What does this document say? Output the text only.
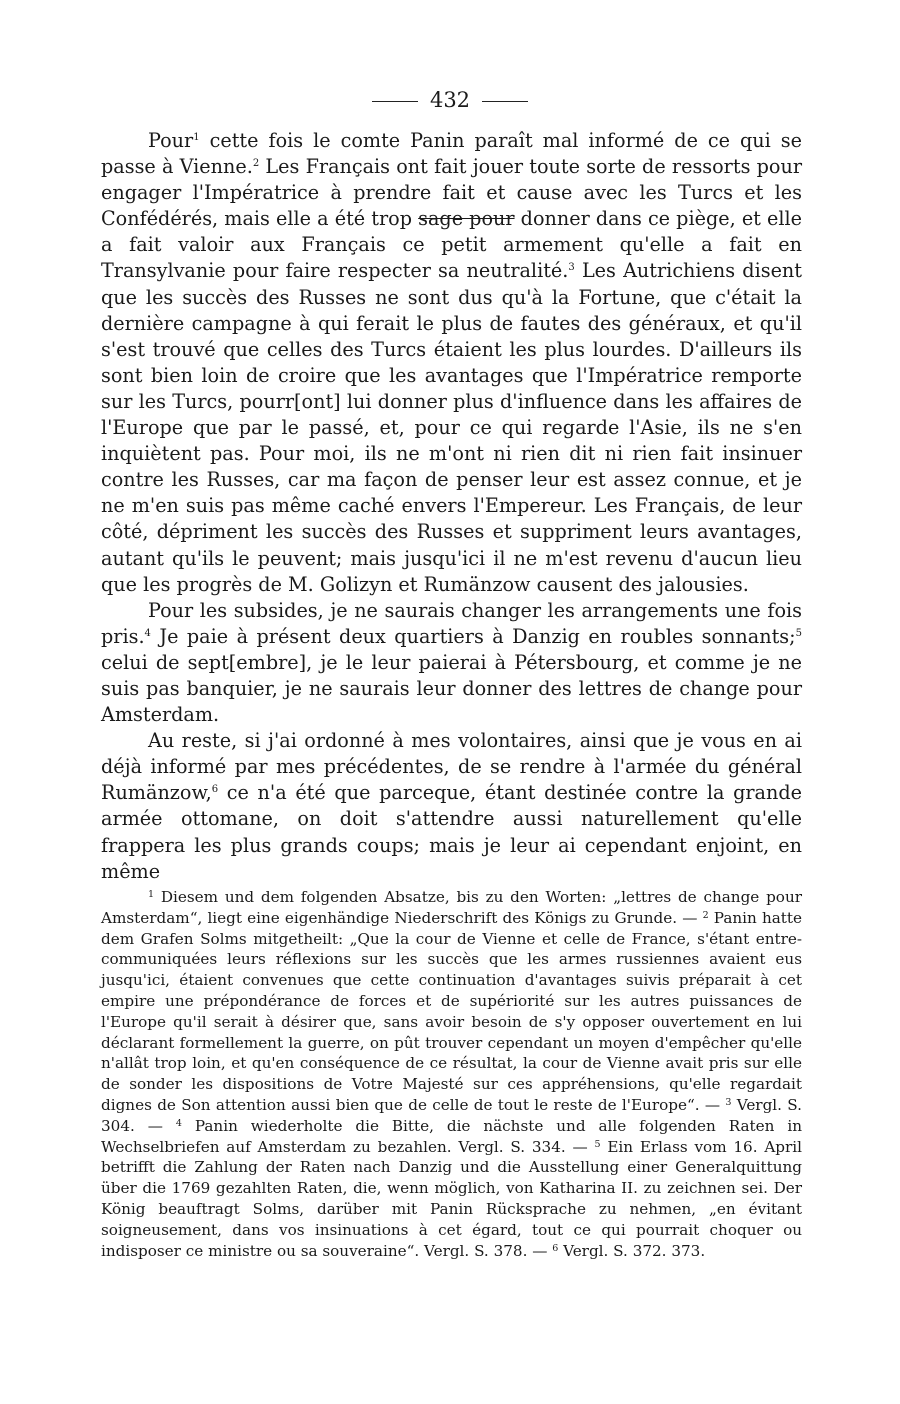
432

Pour$^1$ cette fois le comte Panin paraît mal informé de ce qui se passe à Vienne.$^2$ Les Français ont fait jouer toute sorte de ressorts pour engager l'Impératrice à prendre fait et cause avec les Turcs et les Confédérés, mais elle a été trop sage pour donner dans ce piège, et elle a fait valoir aux Français ce petit armement qu'elle a fait en Transylvanie pour faire respecter sa neutralité.$^3$ Les Autrichiens disent que les succès des Russes ne sont dus qu'à la Fortune, que c'était la dernière campagne à qui ferait le plus de fautes des généraux, et qu'il s'est trouvé que celles des Turcs étaient les plus lourdes. D'ailleurs ils sont bien loin de croire que les avantages que l'Impératrice remporte sur les Turcs, pourr[ont] lui donner plus d'influence dans les affaires de l'Europe que par le passé, et, pour ce qui regarde l'Asie, ils ne s'en inquiètent pas. Pour moi, ils ne m'ont ni rien dit ni rien fait insinuer contre les Russes, car ma façon de penser leur est assez connue, et je ne m'en suis pas même caché envers l'Empereur. Les Français, de leur côté, dépriment les succès des Russes et suppriment leurs avantages, autant qu'ils le peuvent; mais jusqu'ici il ne m'est revenu d'aucun lieu que les progrès de M. Golizyn et Rumänzow causent des jalousies.

Pour les subsides, je ne saurais changer les arrangements une fois pris.$^4$ Je paie à présent deux quartiers à Danzig en roubles sonnants;$^5$ celui de sept[embre], je le leur paierai à Pétersbourg, et comme je ne suis pas banquier, je ne saurais leur donner des lettres de change pour Amsterdam.

Au reste, si j'ai ordonné à mes volontaires, ainsi que je vous en ai déjà informé par mes précédentes, de se rendre à l'armée du général Rumänzow,$^6$ ce n'a été que parceque, étant destinée contre la grande armée ottomane, on doit s'attendre aussi naturellement qu'elle frappera les plus grands coups; mais je leur ai cependant enjoint, en même

$^1$ Diesem und dem folgenden Absatze, bis zu den Worten: „lettres de change pour Amsterdam“, liegt eine eigenhändige Niederschrift des Königs zu Grunde. — $^2$ Panin hatte dem Grafen Solms mitgetheilt: „Que la cour de Vienne et celle de France, s'étant entre-communiquées leurs réflexions sur les succès que les armes russiennes avaient eus jusqu'ici, étaient convenues que cette continuation d'avantages suivis préparait à cet empire une prépondérance de forces et de supériorité sur les autres puissances de l'Europe qu'il serait à désirer que, sans avoir besoin de s'y opposer ouvertement en lui déclarant formellement la guerre, on pût trouver cependant un moyen d'empêcher qu'elle n'allât trop loin, et qu'en conséquence de ce résultat, la cour de Vienne avait pris sur elle de sonder les dispositions de Votre Majesté sur ces appréhensions, qu'elle regardait dignes de Son attention aussi bien que de celle de tout le reste de l'Europe“. — $^3$ Vergl. S. 304. — $^4$ Panin wiederholte die Bitte, die nächste und alle folgenden Raten in Wechselbriefen auf Amsterdam zu bezahlen. Vergl. S. 334. — $^5$ Ein Erlass vom 16. April betrifft die Zahlung der Raten nach Danzig und die Ausstellung einer Generalquittung über die 1769 gezahlten Raten, die, wenn möglich, von Katharina II. zu zeichnen sei. Der König beauftragt Solms, darüber mit Panin Rücksprache zu nehmen, „en évitant soigneusement, dans vos insinuations à cet égard, tout ce qui pourrait choquer ou indisposer ce ministre ou sa souveraine“. Vergl. S. 378. — $^6$ Vergl. S. 372. 373.
